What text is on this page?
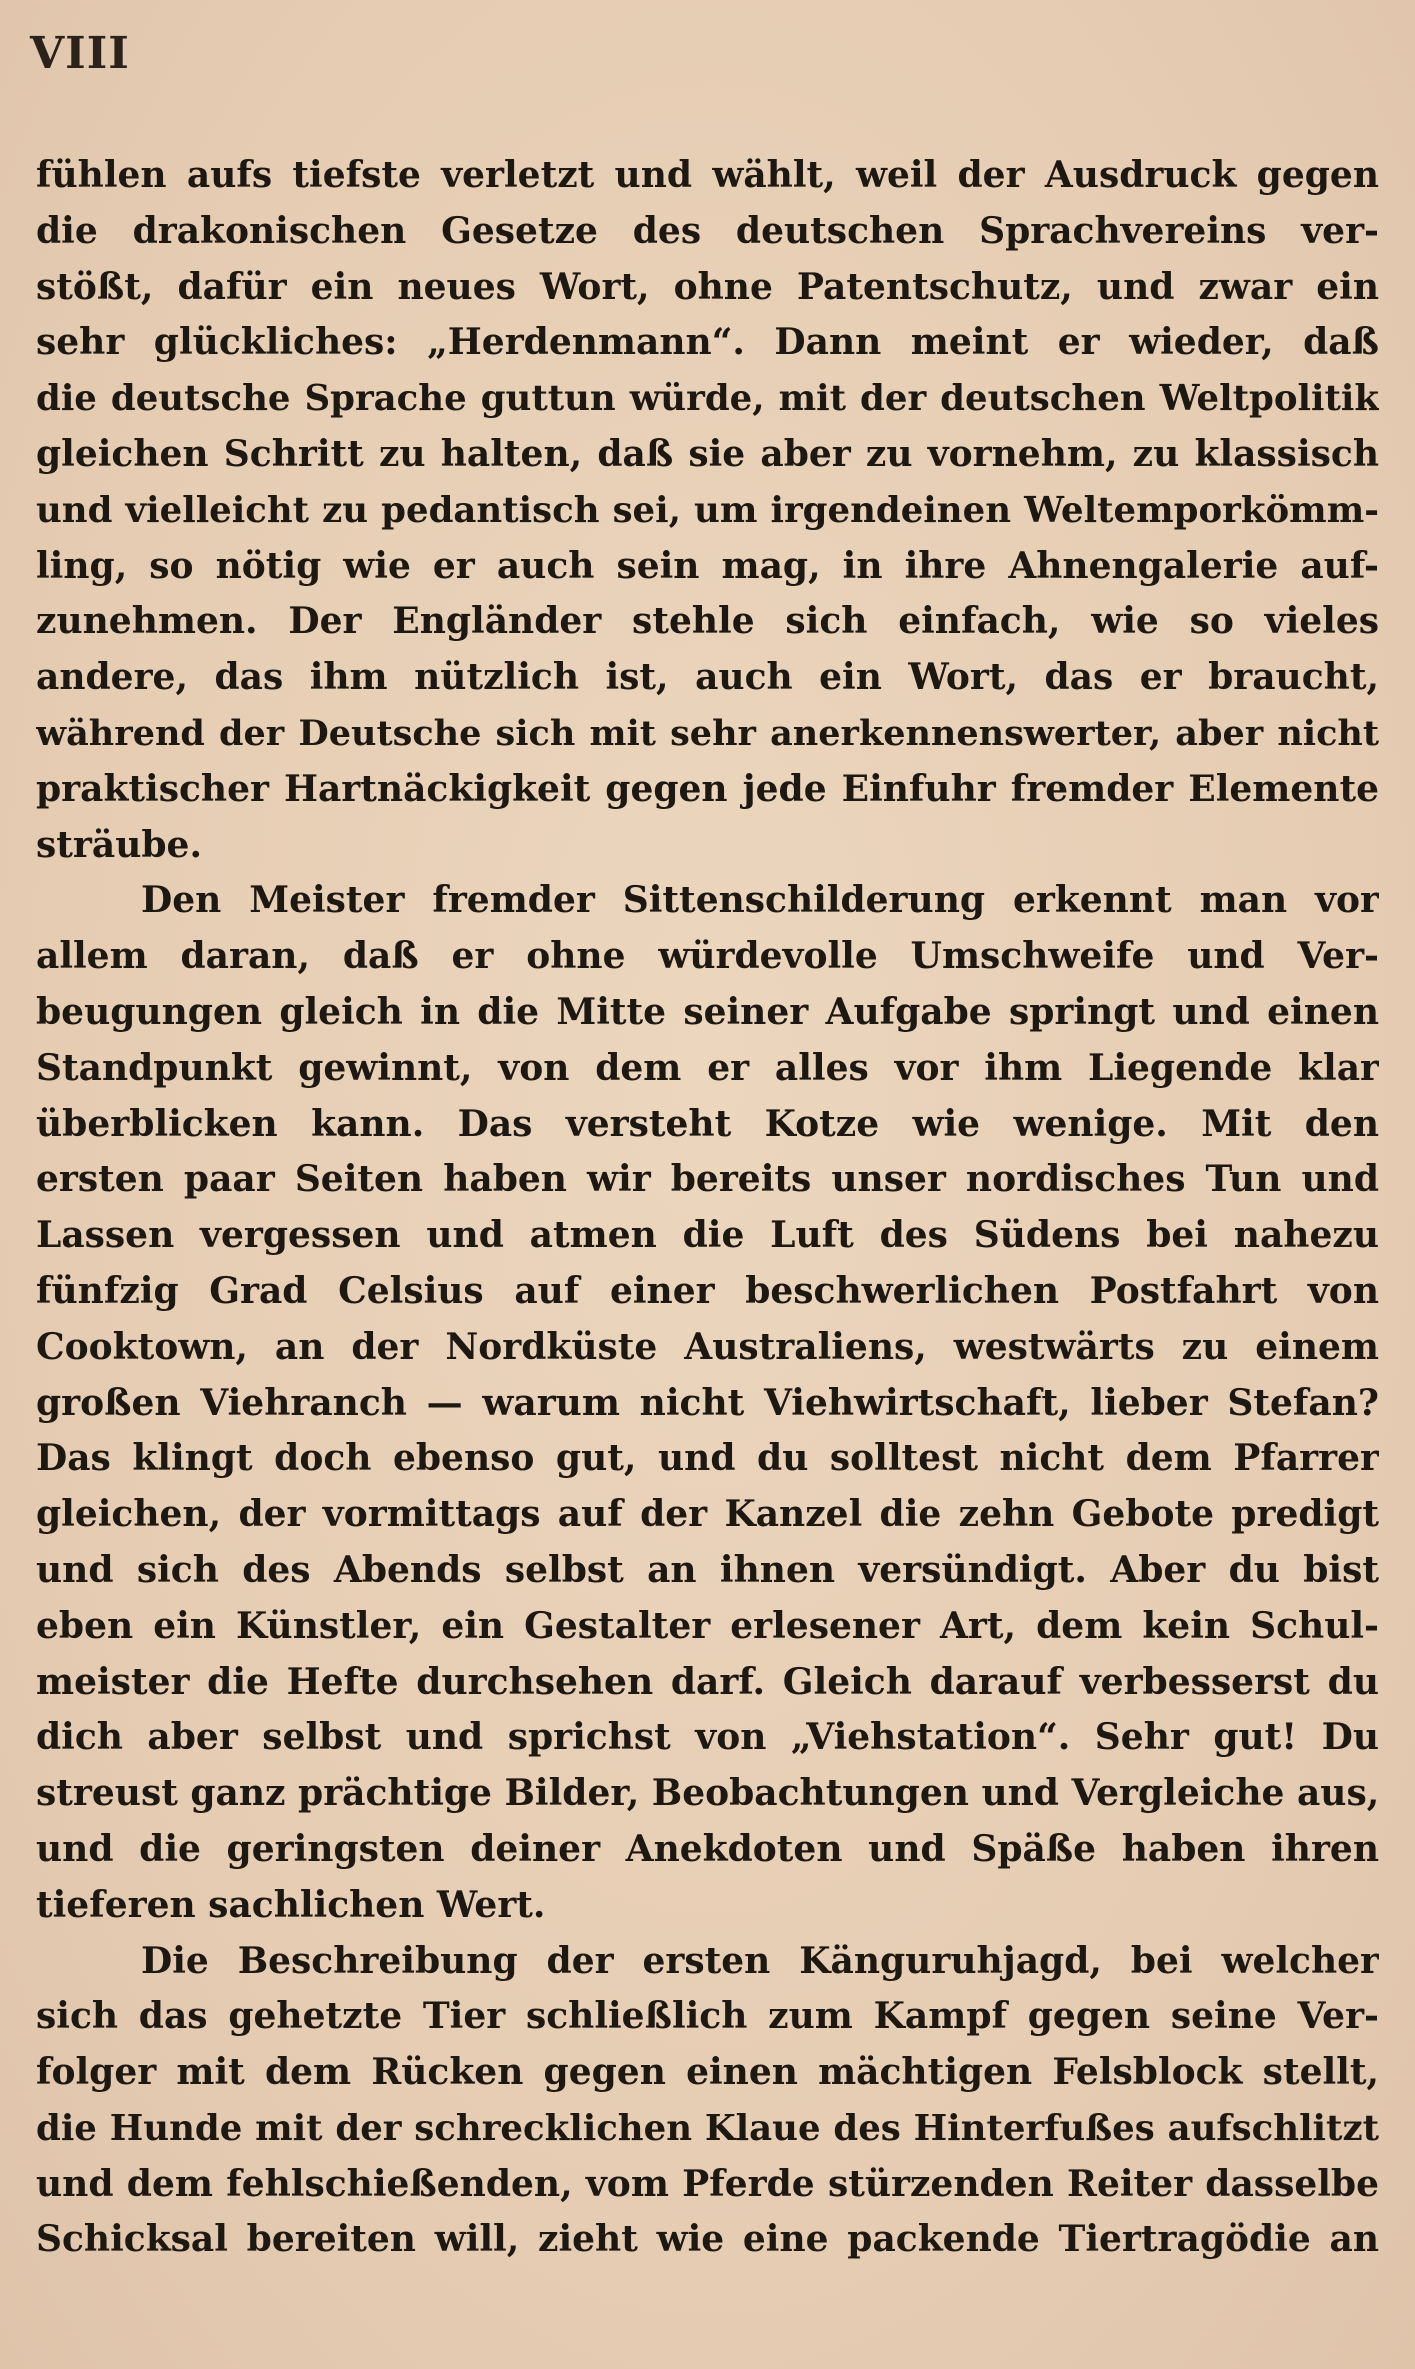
VIII
fühlen aufs tiefste verletzt und wählt, weil der Ausdruck gegen
die drakonischen Gesetze des deutschen Sprachvereins ver-
stößt, dafür ein neues Wort, ohne Patentschutz, und zwar ein
sehr glückliches: „Herdenmann“. Dann meint er wieder, daß
die deutsche Sprache guttun würde, mit der deutschen Weltpolitik
gleichen Schritt zu halten, daß sie aber zu vornehm, zu klassisch
und vielleicht zu pedantisch sei, um irgendeinen Weltemporkömm-
ling, so nötig wie er auch sein mag, in ihre Ahnengalerie auf-
zunehmen. Der Engländer stehle sich einfach, wie so vieles
andere, das ihm nützlich ist, auch ein Wort, das er braucht,
während der Deutsche sich mit sehr anerkennenswerter, aber nicht
praktischer Hartnäckigkeit gegen jede Einfuhr fremder Elemente
sträube.
Den Meister fremder Sittenschilderung erkennt man vor
allem daran, daß er ohne würdevolle Umschweife und Ver-
beugungen gleich in die Mitte seiner Aufgabe springt und einen
Standpunkt gewinnt, von dem er alles vor ihm Liegende klar
überblicken kann. Das versteht Kotze wie wenige. Mit den
ersten paar Seiten haben wir bereits unser nordisches Tun und
Lassen vergessen und atmen die Luft des Südens bei nahezu
fünfzig Grad Celsius auf einer beschwerlichen Postfahrt von
Cooktown, an der Nordküste Australiens, westwärts zu einem
großen Viehranch — warum nicht Viehwirtschaft, lieber Stefan?
Das klingt doch ebenso gut, und du solltest nicht dem Pfarrer
gleichen, der vormittags auf der Kanzel die zehn Gebote predigt
und sich des Abends selbst an ihnen versündigt. Aber du bist
eben ein Künstler, ein Gestalter erlesener Art, dem kein Schul-
meister die Hefte durchsehen darf. Gleich darauf verbesserst du
dich aber selbst und sprichst von „Viehstation“. Sehr gut! Du
streust ganz prächtige Bilder, Beobachtungen und Vergleiche aus,
und die geringsten deiner Anekdoten und Späße haben ihren
tieferen sachlichen Wert.
Die Beschreibung der ersten Känguruhjagd, bei welcher
sich das gehetzte Tier schließlich zum Kampf gegen seine Ver-
folger mit dem Rücken gegen einen mächtigen Felsblock stellt,
die Hunde mit der schrecklichen Klaue des Hinterfußes aufschlitzt
und dem fehlschießenden, vom Pferde stürzenden Reiter dasselbe
Schicksal bereiten will, zieht wie eine packende Tiertragödie an
